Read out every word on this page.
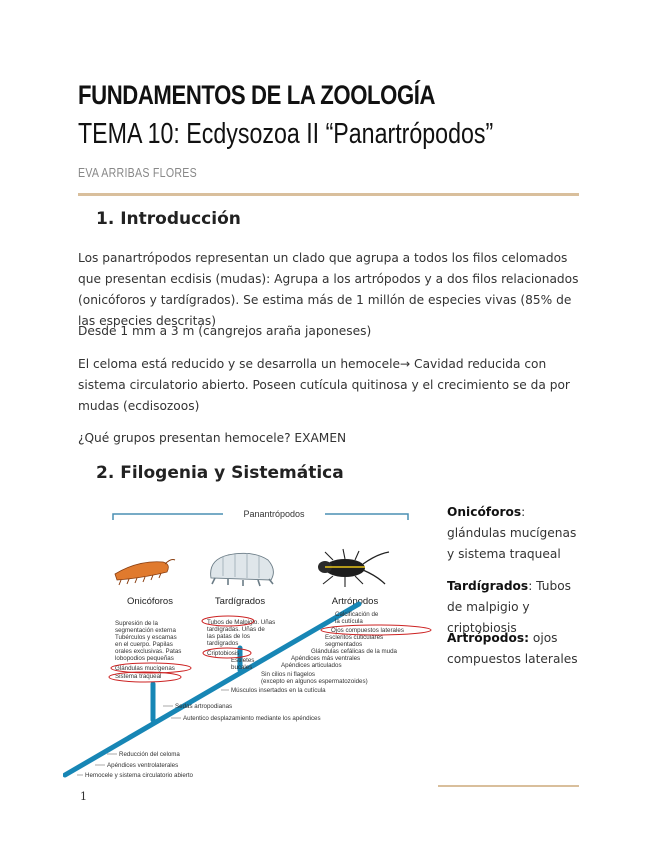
FUNDAMENTOS DE LA ZOOLOGÍA
TEMA 10: Ecdysozoa II “Panartrópodos”
EVA ARRIBAS FLORES
1. Introducción

Los panartrópodos representan un clado que agrupa a todos los filos celomados que presentan ecdisis (mudas): Agrupa a los artrópodos y a dos filos relacionados (onicóforos y tardígrados). Se estima más de 1 millón de especies vivas (85% de las especies descritas)

Desde 1 mm a 3 m (cangrejos araña japoneses)

El celoma está reducido y se desarrolla un hemocele→ Cavidad reducida con sistema circulatorio abierto. Poseen cutícula quitinosa y el crecimiento se da por mudas (ecdisozoos)

¿Qué grupos presentan hemocele? EXAMEN

2. Filogenia y Sistemática

Onicóforos: glándulas mucígenas y sistema traqueal

Tardígrados: Tubos de malpigio y criptobiosis

Artrópodos: ojos compuestos laterales

Panantrópodos
Onicóforos	Tardígrados	Artrópodos
Supresión de la
segmentación externa
Tubérculos y escamas
en el cuerpo. Papilas
orales exclusivas. Patas
lobopodios pequeñas
Glándulas mucígenas
Sistema traqueal
Tubos de Malpigio. Uñas
tardígradas. Uñas de
las patas de los
tardígrados
Criptobiosis
Estiletes
bucales
Calcificación de
la cutícula
Ojos compuestos laterales
Escleritos cuticulares
segmentados
Glándulas cefálicas de la muda
Apéndices más ventrales
Apéndices articulados
Sin cilios ni flagelos
(excepto en algunos espermatozoides)
Músculos insertados en la cutícula
Sedas artropodianas
Autentico desplazamiento mediante los apéndices
Reducción del celoma
Apéndices ventrolaterales
Hemocele y sistema circulatorio abierto
1
